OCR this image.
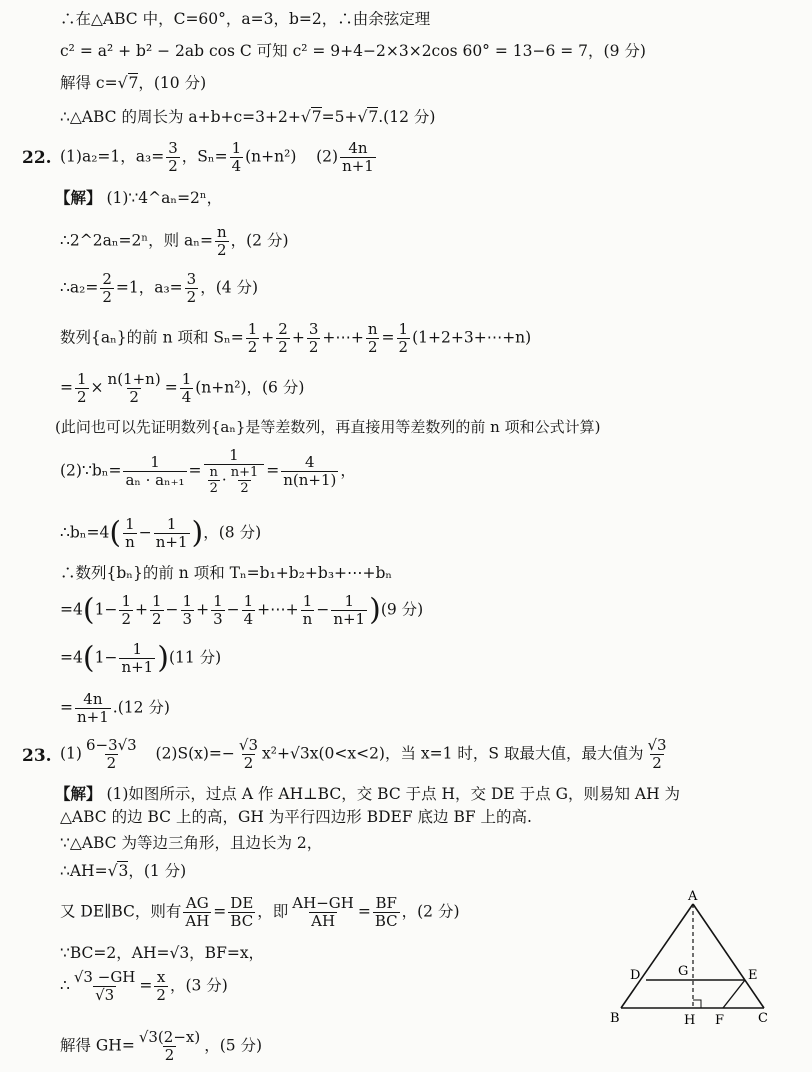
∴在△ABC 中，C=60°，a=3，b=2，∴由余弦定理
c² = a² + b² − 2ab cos C 可知 c² = 9+4−2×3×2cos 60° = 13−6 = 7，(9 分)
解得 c=√7，(10 分)
∴△ABC 的周长为 a+b+c=3+2+√7=5+√7.(12 分)
22. (1)a₂=1，$a_3= \frac{3}{2}$ ，$S_n= \frac{1}{4} (n+n^2)$ $(2) \frac{4n}{n+1}$
【解】 (1)∵4^aₙ=2ⁿ，
∴2^2aₙ=2ⁿ，则 $a_n= \frac{n}{2}$ ，(2 分)
∴a₂= $\frac{2}{2} =1$，$a_3= \frac{3}{2}$ ，(4 分)
数列{aₙ}的前 n 项和 $S_n= \frac{1}{2} + \frac{2}{2} + \frac{3}{2}$ +⋯+ $\frac{n}{2} = \frac{1}{2}$ (1+2+3+⋯+n)
= $\frac{1}{2} \times \frac{n(1+n)}{2} = \frac{1}{4} (n+n^2)$，(6 分)
(此问也可以先证明数列{aₙ}是等差数列，再直接用等差数列的前 n 项和公式计算)
(2)∵bₙ= $\frac{1}{\text{aₙ · aₙ₊₁}} = \frac{1}{\frac{n}{2} \cdot \frac{n+1}{2}} = \frac{4}{n(n+1)}$ ，
∴bₙ=4( $\frac{1}{n} - \frac{1}{n+1}$ )，(8 分)
∴数列{bₙ}的前 n 项和 Tₙ=b₁+b₂+b₃+⋯+bₙ
$=4(1- \frac{1}{2} + \frac{1}{2} - \frac{1}{3} + \frac{1}{3} - \frac{1}{4}$ +⋯+ $\frac{1}{n} - \frac{1}{n+1} )(9$ 分)
$=4(1- \frac{1}{n+1} )(11$ 分)
= $\frac{4n}{n+1} .(12$ 分)
23. $(1) \frac{6-3√3}{2} (2)S(x)=- \frac{√3}{2} x^2+√3x(0<x<2)$，当 x=1 时，S 取最大值，最大值为 $\frac{√3}{2}$
【解】 (1)如图所示，过点 A 作 AH⊥BC，交 BC 于点 H，交 DE 于点 G，则易知 AH 为
△ABC 的边 BC 上的高，GH 为平行四边形 BDEF 底边 BF 上的高.
∵△ABC 为等边三角形，且边长为 2，
∴AH=√3，(1 分)
又 DE∥BC，则有 $\frac{AG}{AH} = \frac{DE}{BC}$ ，即 $\frac{AH-GH}{AH} = \frac{BF}{BC}$ ，(2 分)
∵BC=2，AH=√3，BF=x，
∴ $\frac{√3 -GH}{√3} = \frac{x}{2}$ ，(3 分)
解得 $GH= \frac{√3(2-x)}{2}$ ，(5 分)
A
B	C
D	E
F
G
H
